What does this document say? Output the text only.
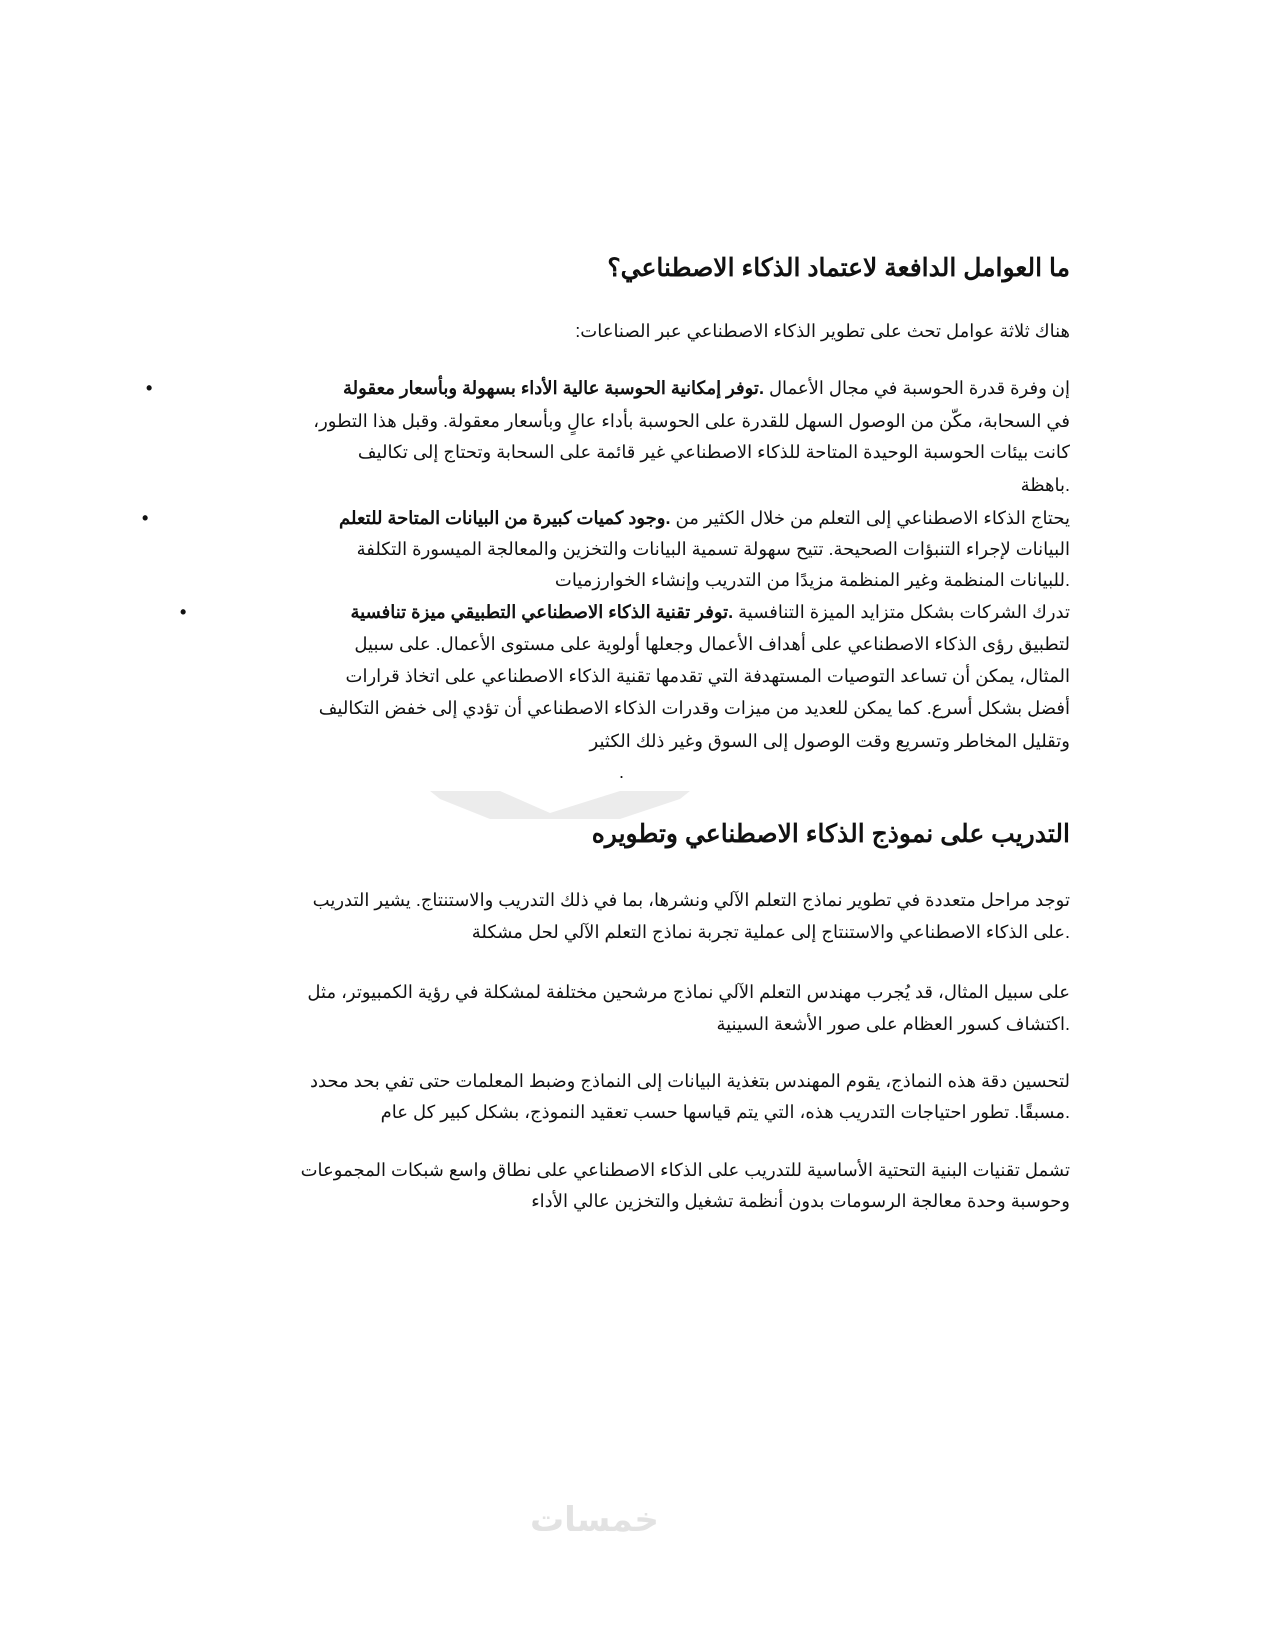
ما العوامل الدافعة لاعتماد الذكاء الاصطناعي؟
هناك ثلاثة عوامل تحث على تطوير الذكاء الاصطناعي عبر الصناعات:
•	إن وفرة قدرة الحوسبة في مجال الأعمال .توفر إمكانية الحوسبة عالية الأداء بسهولة وبأسعار معقولة
في السحابة، مكّن من الوصول السهل للقدرة على الحوسبة بأداء عالٍ وبأسعار معقولة. وقبل هذا التطور،
كانت بيئات الحوسبة الوحيدة المتاحة للذكاء الاصطناعي غير قائمة على السحابة وتحتاج إلى تكاليف
.باهظة
•	يحتاج الذكاء الاصطناعي إلى التعلم من خلال الكثير من .وجود كميات كبيرة من البيانات المتاحة للتعلم
البيانات لإجراء التنبؤات الصحيحة. تتيح سهولة تسمية البيانات والتخزين والمعالجة الميسورة التكلفة
.للبيانات المنظمة وغير المنظمة مزيدًا من التدريب وإنشاء الخوارزميات
•	تدرك الشركات بشكل متزايد الميزة التنافسية .توفر تقنية الذكاء الاصطناعي التطبيقي ميزة تنافسية
لتطبيق رؤى الذكاء الاصطناعي على أهداف الأعمال وجعلها أولوية على مستوى الأعمال. على سبيل
المثال، يمكن أن تساعد التوصيات المستهدفة التي تقدمها تقنية الذكاء الاصطناعي على اتخاذ قرارات
أفضل بشكل أسرع. كما يمكن للعديد من ميزات وقدرات الذكاء الاصطناعي أن تؤدي إلى خفض التكاليف
وتقليل المخاطر وتسريع وقت الوصول إلى السوق وغير ذلك الكثير
.
التدريب على نموذج الذكاء الاصطناعي وتطويره
توجد مراحل متعددة في تطوير نماذج التعلم الآلي ونشرها، بما في ذلك التدريب والاستنتاج. يشير التدريب
.على الذكاء الاصطناعي والاستنتاج إلى عملية تجربة نماذج التعلم الآلي لحل مشكلة
على سبيل المثال، قد يُجرب مهندس التعلم الآلي نماذج مرشحين مختلفة لمشكلة في رؤية الكمبيوتر، مثل
.اكتشاف كسور العظام على صور الأشعة السينية
لتحسين دقة هذه النماذج، يقوم المهندس بتغذية البيانات إلى النماذج وضبط المعلمات حتى تفي بحد محدد
.مسبقًا. تطور احتياجات التدريب هذه، التي يتم قياسها حسب تعقيد النموذج، بشكل كبير كل عام
تشمل تقنيات البنية التحتية الأساسية للتدريب على الذكاء الاصطناعي على نطاق واسع شبكات المجموعات
وحوسبة وحدة معالجة الرسومات بدون أنظمة تشغيل والتخزين عالي الأداء
خمسات
